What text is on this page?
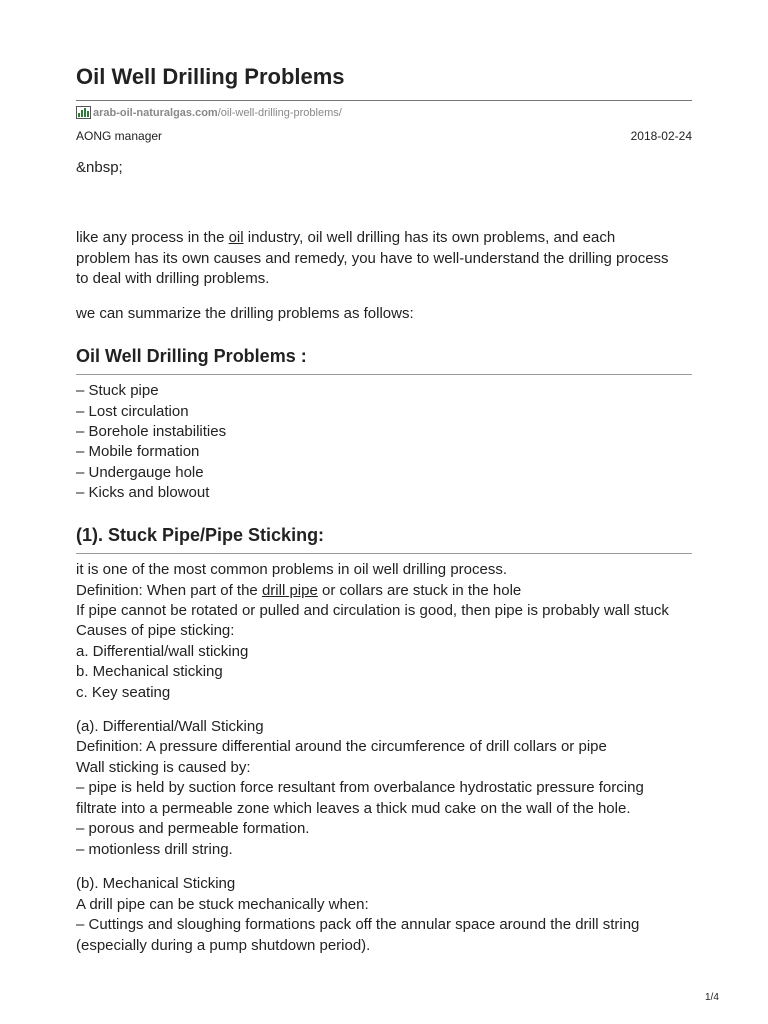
Oil Well Drilling Problems
arab-oil-naturalgas.com /oil-well-drilling-problems/
AONG manager	2018-02-24

&nbsp;

like any process in the oil industry, oil well drilling has its own problems, and each

problem has its own causes and remedy, you have to well-understand the drilling process

to deal with drilling problems.

we can summarize the drilling problems as follows:

Oil Well Drilling Problems :

– Stuck pipe

– Lost circulation

– Borehole instabilities

– Mobile formation

– Undergauge hole

– Kicks and blowout

(1). Stuck Pipe/Pipe Sticking:

it is one of the most common problems in oil well drilling process.

Definition: When part of the drill pipe or collars are stuck in the hole

If pipe cannot be rotated or pulled and circulation is good, then pipe is probably wall stuck

Causes of pipe sticking:

a. Differential/wall sticking

b. Mechanical sticking

c. Key seating

(a). Differential/Wall Sticking

Definition: A pressure differential around the circumference of drill collars or pipe

Wall sticking is caused by:

– pipe is held by suction force resultant from overbalance hydrostatic pressure forcing

filtrate into a permeable zone which leaves a thick mud cake on the wall of the hole.

– porous and permeable formation.

– motionless drill string.

(b). Mechanical Sticking

A drill pipe can be stuck mechanically when:

– Cuttings and sloughing formations pack off the annular space around the drill string

(especially during a pump shutdown period).

1/4
